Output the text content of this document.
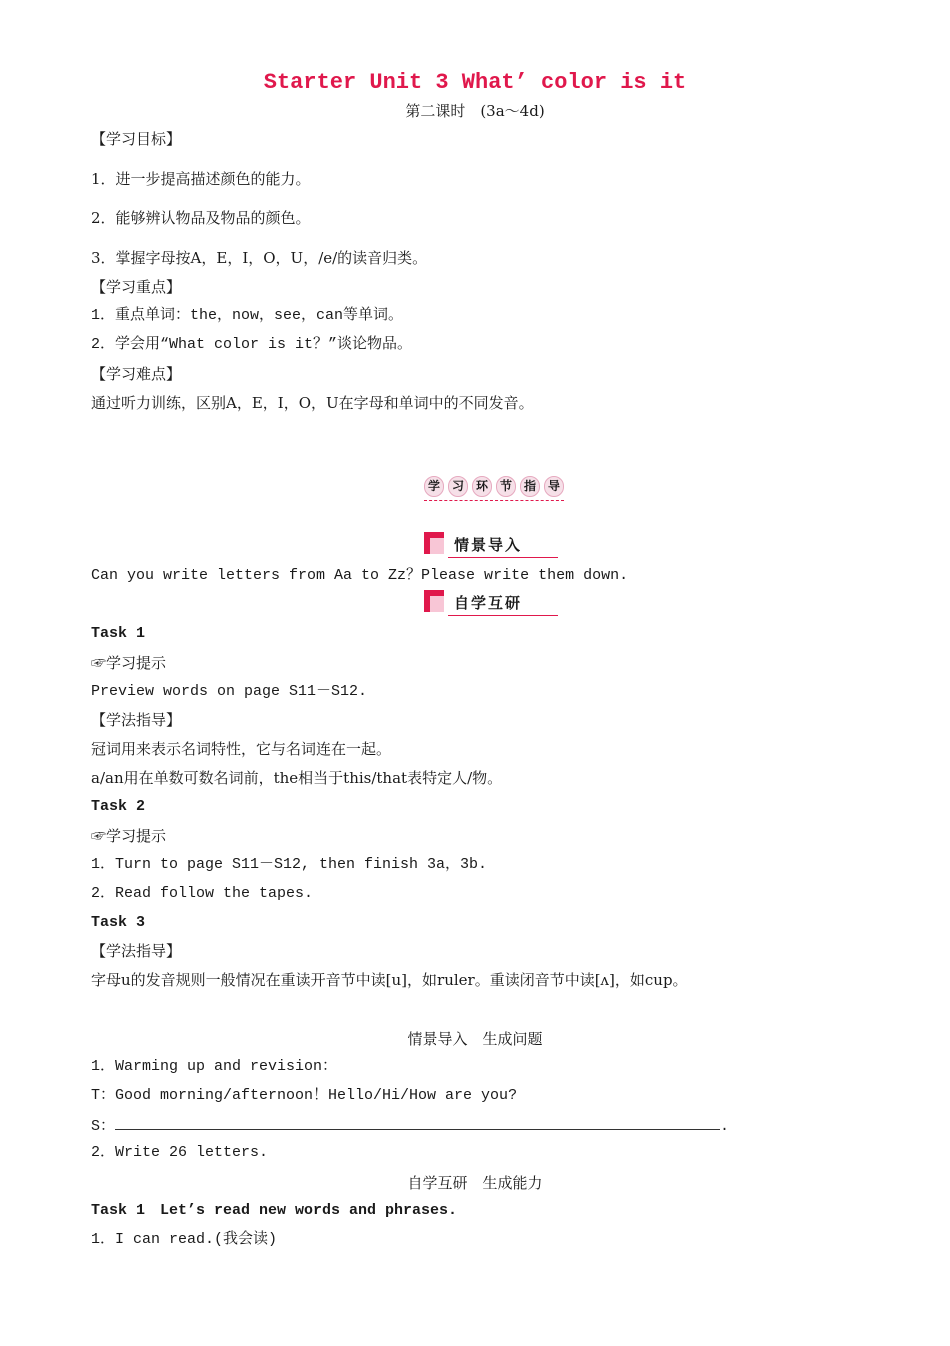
Starter Unit 3 What’ color is it
第二课时　(3a～4d)
【学习目标】
1．进一步提高描述颜色的能力。
2．能够辨认物品及物品的颜色。
3．掌握字母按A，E，I，O，U，/e/的读音归类。
【学习重点】
1．重点单词：the，now，see，can等单词。
2．学会用“What color is it？”谈论物品。
【学习难点】
通过听力训练，区别A，E，I，O，U在字母和单词中的不同发音。
学 习 环 节 指 导
情景导入
Can you write letters from Aa to Zz？Please write them down.
自学互研
Task 1
☞学习提示
Preview words on page S11－S12.
【学法指导】
冠词用来表示名词特性，它与名词连在一起。
a/an用在单数可数名词前，the相当于this/that表特定人/物。
Task 2
☞学习提示
1．Turn to page S11－S12, then finish 3a，3b.
2．Read follow the tapes.
Task 3
【学法指导】
字母u的发音规则一般情况在重读开音节中读[u]，如ruler。重读闭音节中读[ʌ]，如cup。
情景导入　生成问题
1．Warming up and revision：
T：Good morning/afternoon！Hello/Hi/How are you?
S：	.
2．Write 26 letters.
自学互研　生成能力
Task 1　Let’s read new words and phrases.
1．I can read.(我会读)
